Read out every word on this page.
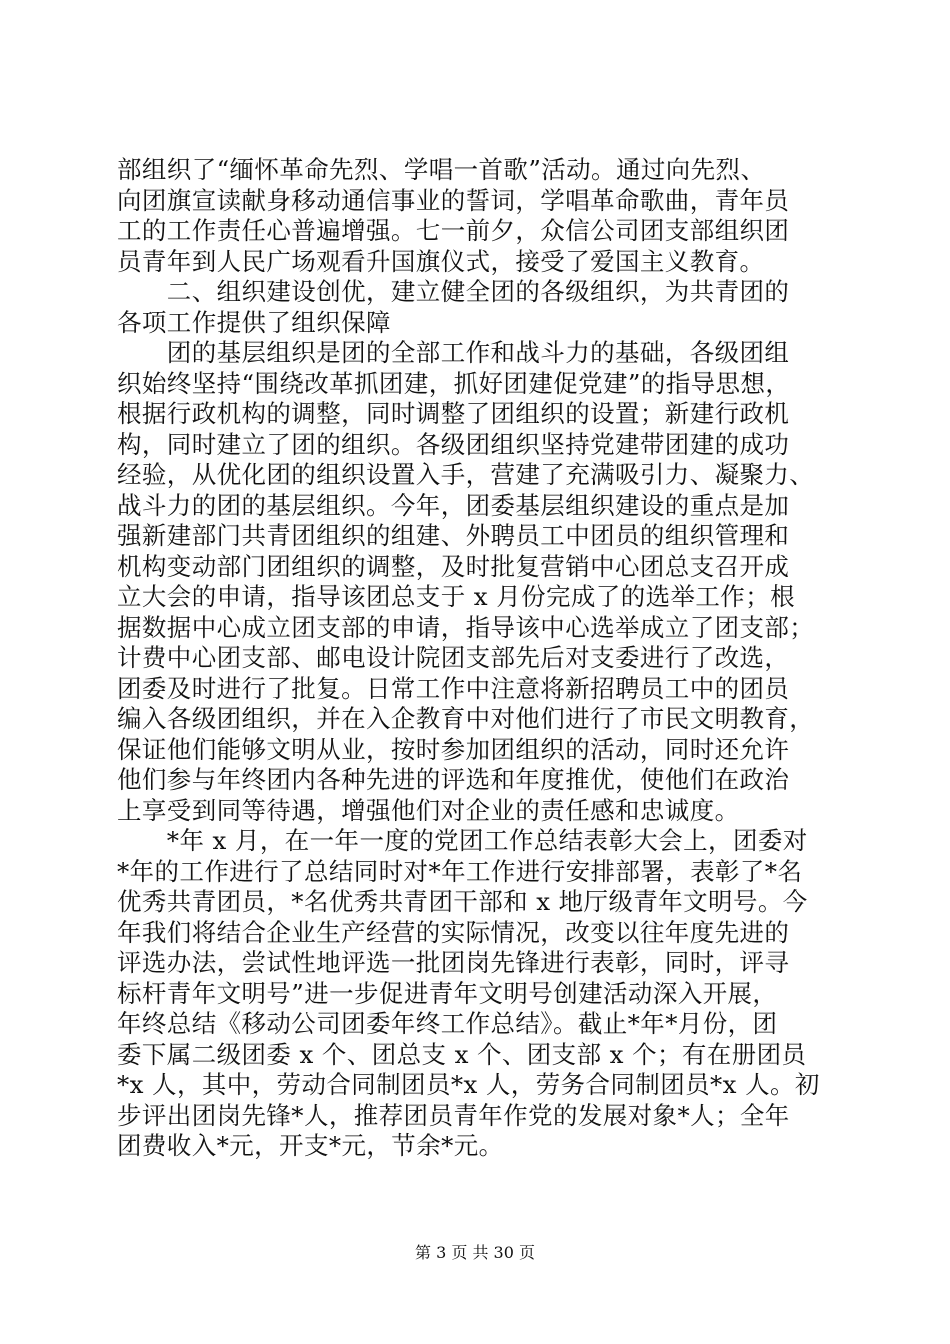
部组织了“缅怀革命先烈、学唱一首歌”活动。通过向先烈、
向团旗宣读献身移动通信事业的誓词，学唱革命歌曲，青年员
工的工作责任心普遍增强。七一前夕，众信公司团支部组织团
员青年到人民广场观看升国旗仪式，接受了爱国主义教育。

　　二、组织建设创优，建立健全团的各级组织，为共青团的
各项工作提供了组织保障

　　团的基层组织是团的全部工作和战斗力的基础，各级团组
织始终坚持“围绕改革抓团建，抓好团建促党建”的指导思想，
根据行政机构的调整，同时调整了团组织的设置；新建行政机
构，同时建立了团的组织。各级团组织坚持党建带团建的成功
经验，从优化团的组织设置入手，营建了充满吸引力、凝聚力、
战斗力的团的基层组织。今年，团委基层组织建设的重点是加
强新建部门共青团组织的组建、外聘员工中团员的组织管理和
机构变动部门团组织的调整，及时批复营销中心团总支召开成
立大会的申请，指导该团总支于 x 月份完成了的选举工作；根
据数据中心成立团支部的申请，指导该中心选举成立了团支部；
计费中心团支部、邮电设计院团支部先后对支委进行了改选，
团委及时进行了批复。日常工作中注意将新招聘员工中的团员
编入各级团组织，并在入企教育中对他们进行了市民文明教育，
保证他们能够文明从业，按时参加团组织的活动，同时还允许
他们参与年终团内各种先进的评选和年度推优，使他们在政治
上享受到同等待遇，增强他们对企业的责任感和忠诚度。

　　*年 x 月，在一年一度的党团工作总结表彰大会上，团委对
*年的工作进行了总结同时对*年工作进行安排部署，表彰了*名
优秀共青团员，*名优秀共青团干部和 x 地厅级青年文明号。今
年我们将结合企业生产经营的实际情况，改变以往年度先进的
评选办法，尝试性地评选一批团岗先锋进行表彰，同时，评寻
标杆青年文明号”进一步促进青年文明号创建活动深入开展，
年终总结《移动公司团委年终工作总结》。截止*年*月份，团
委下属二级团委 x 个、团总支 x 个、团支部 x 个；有在册团员
*x 人，其中，劳动合同制团员*x 人，劳务合同制团员*x 人。初
步评出团岗先锋*人，推荐团员青年作党的发展对象*人；全年
团费收入*元，开支*元，节余*元。

第 3 页 共 30 页
